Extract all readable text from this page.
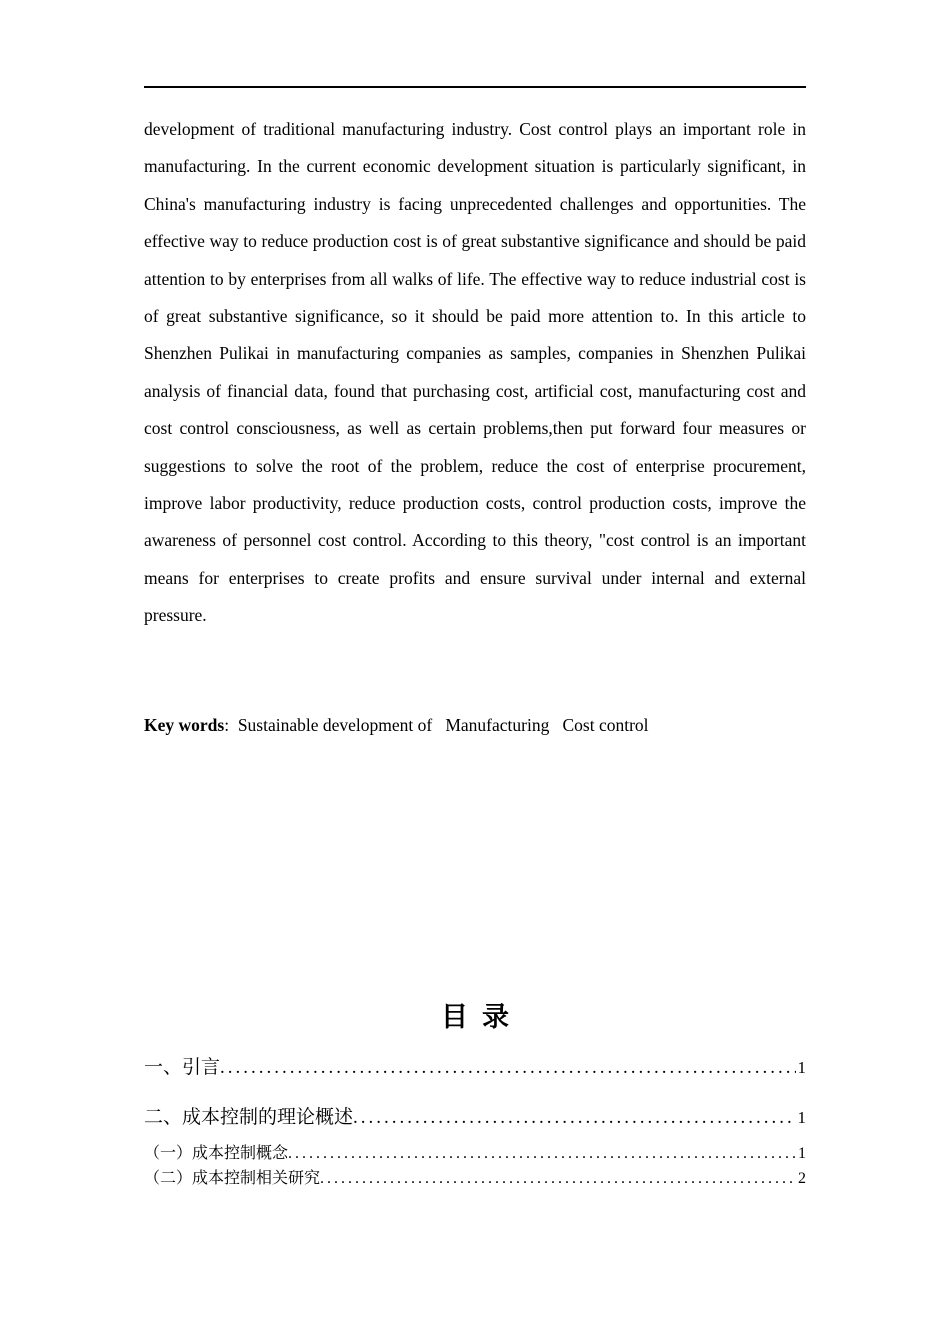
development of traditional manufacturing industry. Cost control plays an important role in manufacturing. In the current economic development situation is particularly significant, in China's manufacturing industry is facing unprecedented challenges and opportunities. The effective way to reduce production cost is of great substantive significance and should be paid attention to by enterprises from all walks of life. The effective way to reduce industrial cost is of great substantive significance, so it should be paid more attention to. In this article to Shenzhen Pulikai in manufacturing companies as samples, companies in Shenzhen Pulikai analysis of financial data, found that purchasing cost, artificial cost, manufacturing cost and cost control consciousness, as well as certain problems,then put forward four measures or suggestions to solve the root of the problem, reduce the cost of enterprise procurement, improve labor productivity, reduce production costs, control production costs, improve the awareness of personnel cost control. According to this theory, "cost control is an important means for enterprises to create profits and ensure survival under internal and external pressure.

Key words: Sustainable development of Manufacturing Cost control

目录
一、引言 .....	1
二、成本控制的理论概述 .....	1
（一）成本控制概念 .....	1
（二）成本控制相关研究 .....	2
